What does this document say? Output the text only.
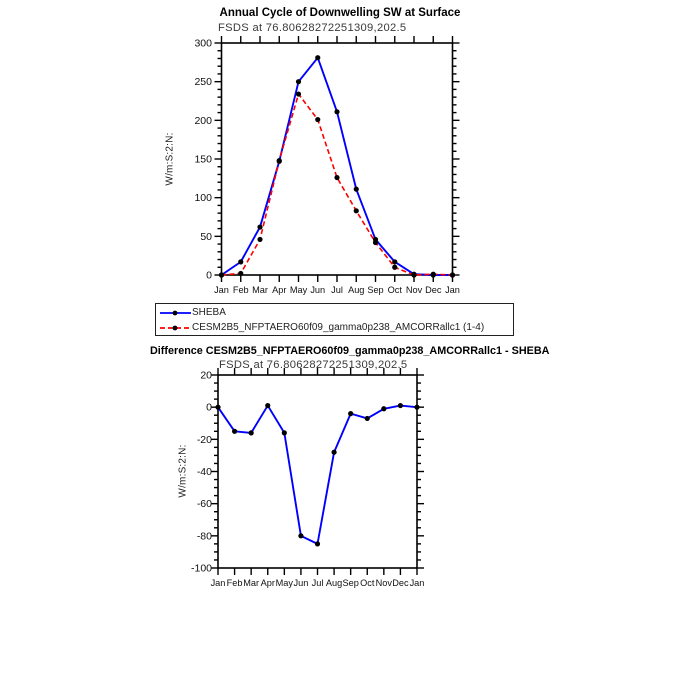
0
50
100
150
200
250
300
Jan Feb Mar Apr May Jun Jul Aug Sep Oct Nov Dec Jan
-100
-80
-60
-40
-20
0
20
Jan Feb Mar Apr May Jun Jul Aug Sep Oct Nov Dec Jan
Annual Cycle of Downwelling SW at Surface
FSDS at 76.80628272251309,202.5
W/m:S:2:N:
SHEBA
CESM2B5_NFPTAERO60f09_gamma0p238_AMCORRallc1 (1-4)
Difference CESM2B5_NFPTAERO60f09_gamma0p238_AMCORRallc1 - SHEBA
FSDS at 76.80628272251309,202.5
W/m:S:2:N:
